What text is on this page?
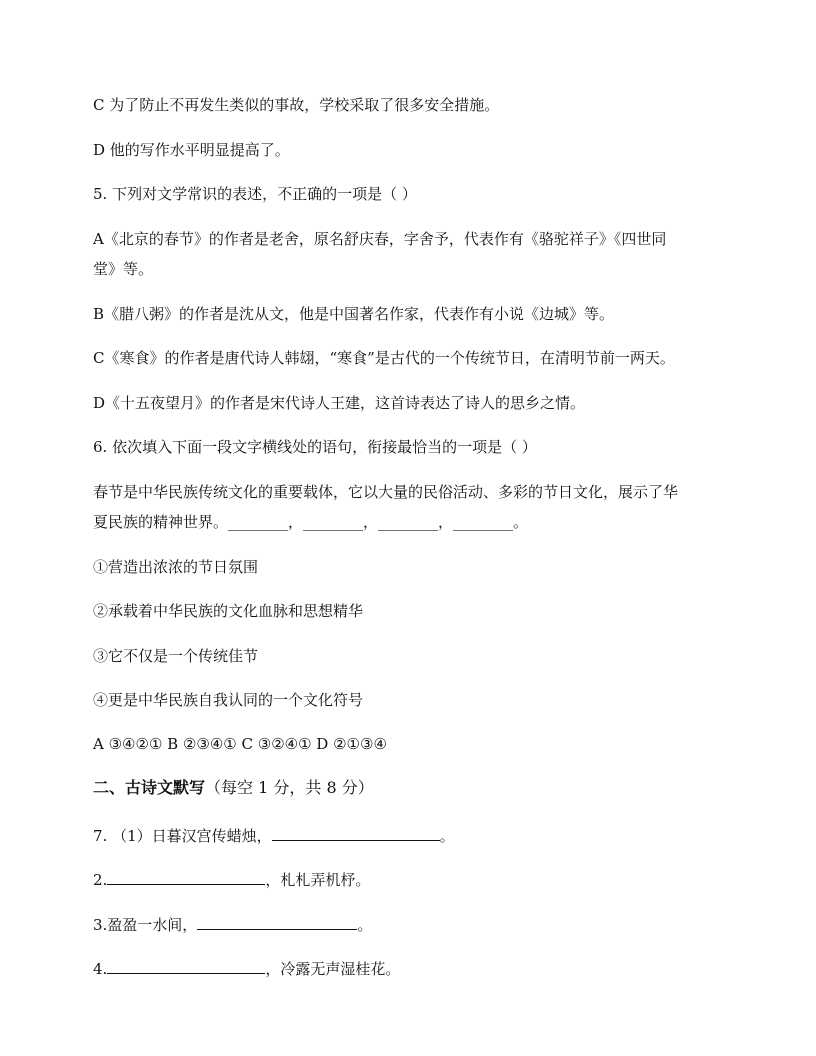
C 为了防止不再发生类似的事故，学校采取了很多安全措施。
D 他的写作水平明显提高了。
5. 下列对文学常识的表述，不正确的一项是（ ）
A《北京的春节》的作者是老舍，原名舒庆春，字舍予，代表作有《骆驼祥子》《四世同
堂》等。
B《腊八粥》的作者是沈从文，他是中国著名作家，代表作有小说《边城》等。
C《寒食》的作者是唐代诗人韩翃，“寒食”是古代的一个传统节日，在清明节前一两天。
D《十五夜望月》的作者是宋代诗人王建，这首诗表达了诗人的思乡之情。
6. 依次填入下面一段文字横线处的语句，衔接最恰当的一项是（ ）
春节是中华民族传统文化的重要载体，它以大量的民俗活动、多彩的节日文化，展示了华
夏民族的精神世界。________，________，________，________。
①营造出浓浓的节日氛围
②承载着中华民族的文化血脉和思想精华
③它不仅是一个传统佳节
④更是中华民族自我认同的一个文化符号
A ③④②① B ②③④① C ③②④① D ②①③④
二、古诗文默写（每空 1 分，共 8 分）
7. （1）日暮汉宫传蜡烛，	。
2.	，札札弄机杼。
3.盈盈一水间，	。
4.	，冷露无声湿桂花。
